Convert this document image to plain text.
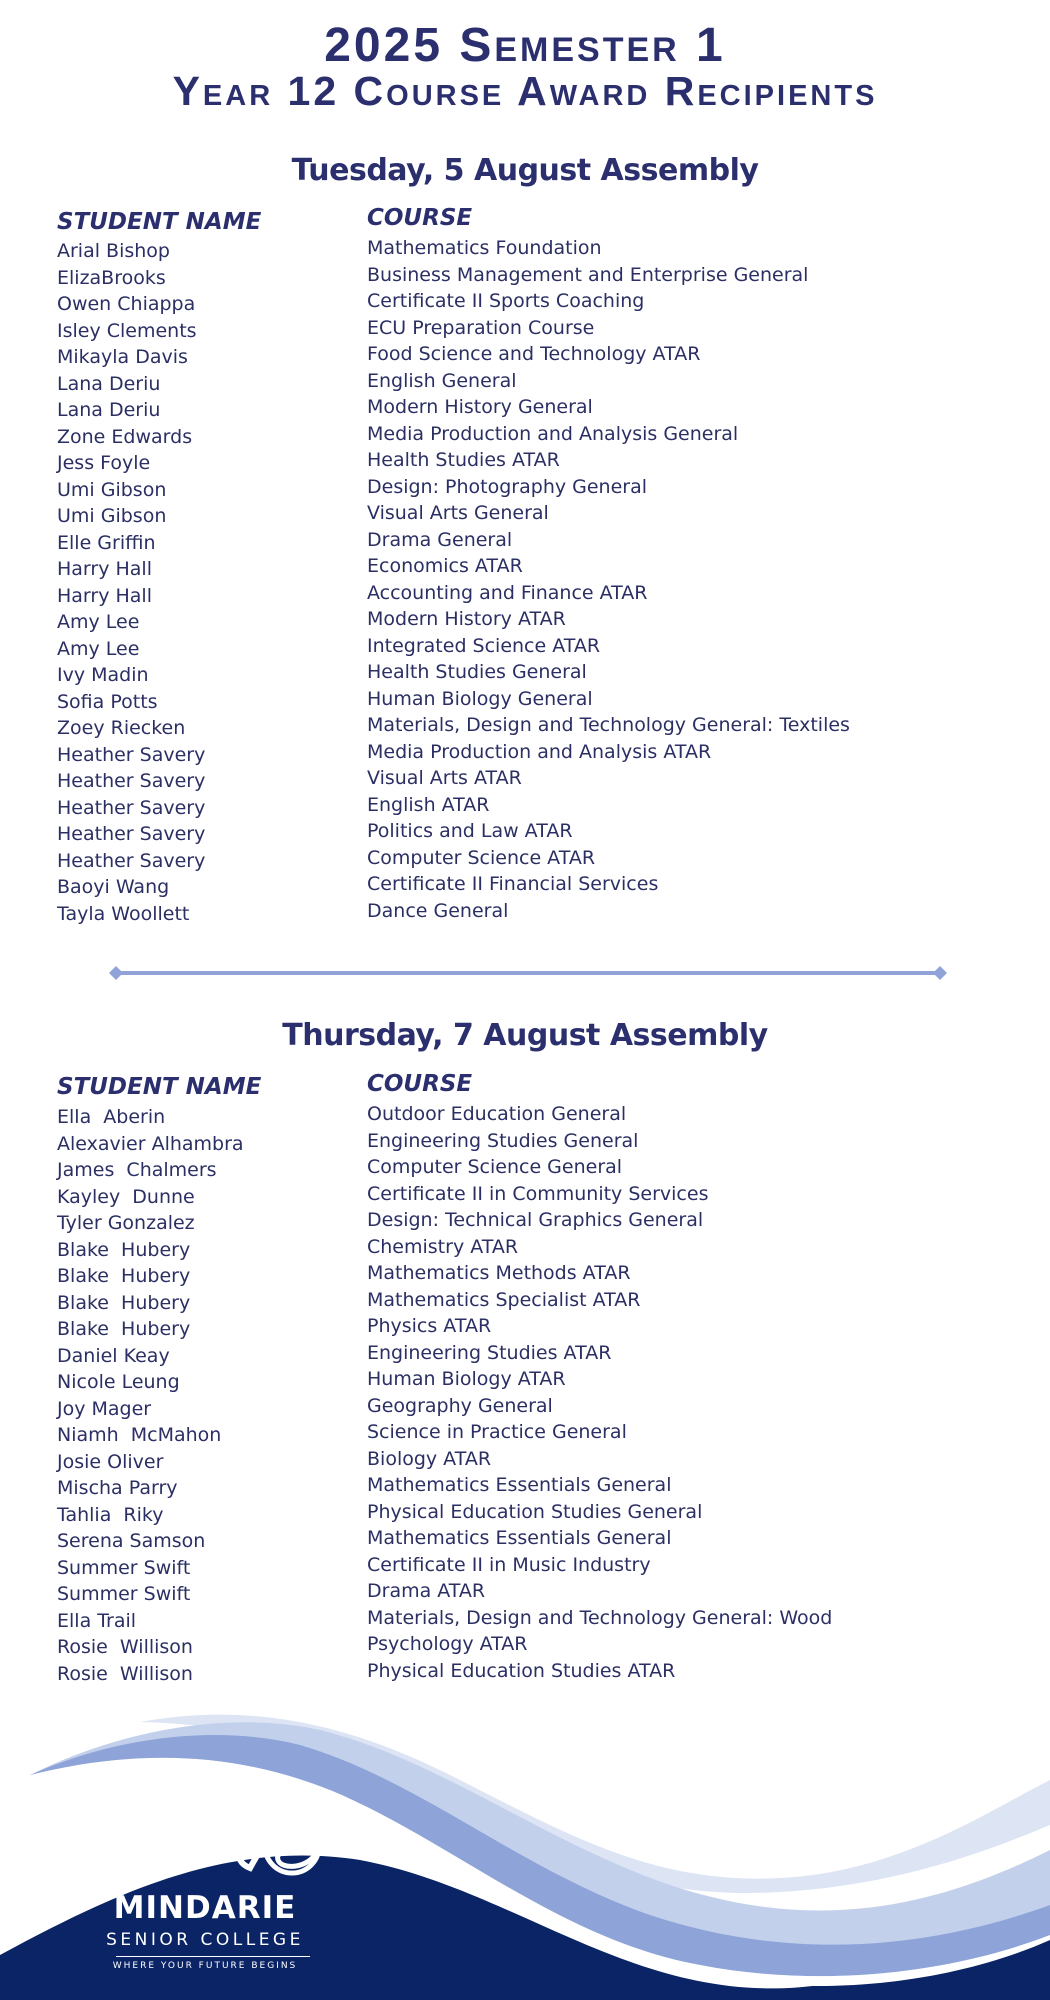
2025 Semester 1
Year 12 Course Award Recipients
Tuesday, 5 August Assembly
STUDENT NAME	COURSE
Arial Bishop
ElizaBrooks
Owen Chiappa
Isley Clements
Mikayla Davis
Lana Deriu
Lana Deriu
Zone Edwards
Jess Foyle
Umi Gibson
Umi Gibson
Elle Griffin
Harry Hall
Harry Hall
Amy Lee
Amy Lee
Ivy Madin
Sofia Potts
Zoey Riecken
Heather Savery
Heather Savery
Heather Savery
Heather Savery
Heather Savery
Baoyi Wang
Tayla Woollett
Mathematics Foundation
Business Management and Enterprise General
Certificate II Sports Coaching
ECU Preparation Course
Food Science and Technology ATAR
English General
Modern History General
Media Production and Analysis General
Health Studies ATAR
Design: Photography General
Visual Arts General
Drama General
Economics ATAR
Accounting and Finance ATAR
Modern History ATAR
Integrated Science ATAR
Health Studies General
Human Biology General
Materials, Design and Technology General: Textiles
Media Production and Analysis ATAR
Visual Arts ATAR
English ATAR
Politics and Law ATAR
Computer Science ATAR
Certificate II Financial Services
Dance General
Thursday, 7 August Assembly
STUDENT NAME	COURSE
Ella  Aberin
Alexavier Alhambra
James  Chalmers
Kayley  Dunne
Tyler Gonzalez
Blake  Hubery
Blake  Hubery
Blake  Hubery
Blake  Hubery
Daniel Keay
Nicole Leung
Joy Mager
Niamh  McMahon
Josie Oliver
Mischa Parry
Tahlia  Riky
Serena Samson
Summer Swift
Summer Swift
Ella Trail
Rosie  Willison
Rosie  Willison
Outdoor Education General
Engineering Studies General
Computer Science General
Certificate II in Community Services
Design: Technical Graphics General
Chemistry ATAR
Mathematics Methods ATAR
Mathematics Specialist ATAR
Physics ATAR
Engineering Studies ATAR
Human Biology ATAR
Geography General
Science in Practice General
Biology ATAR
Mathematics Essentials General
Physical Education Studies General
Mathematics Essentials General
Certificate II in Music Industry
Drama ATAR
Materials, Design and Technology General: Wood
Psychology ATAR
Physical Education Studies ATAR
MINDARIE
SENIOR COLLEGE
WHERE YOUR FUTURE BEGINS
